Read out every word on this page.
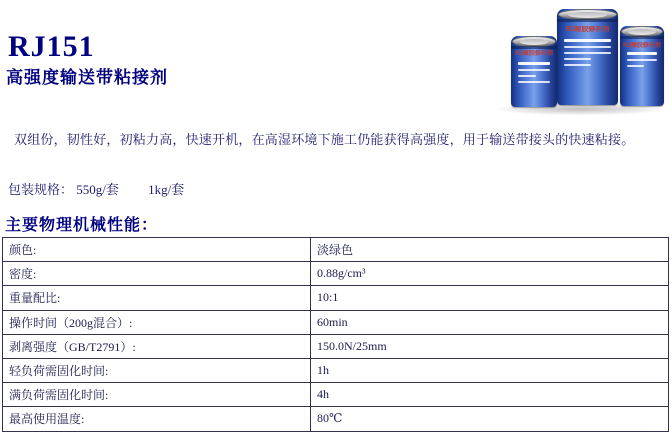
RJ橡胶修补剂
RJ橡胶修补剂
RJ橡胶修补剂
RJ151
高强度输送带粘接剂
双组份，韧性好，初粘力高，快速开机，在高湿环境下施工仍能获得高强度，用于输送带接头的快速粘接。
包装规格： 550g/套 1kg/套
主要物理机械性能：
颜色:	淡绿色
密度:	0.88g/cm³
重量配比:	10:1
操作时间（200g混合）:	60min
剥离强度（GB/T2791）:	150.0N/25mm
轻负荷需固化时间:	1h
满负荷需固化时间:	4h
最高使用温度:	80℃
